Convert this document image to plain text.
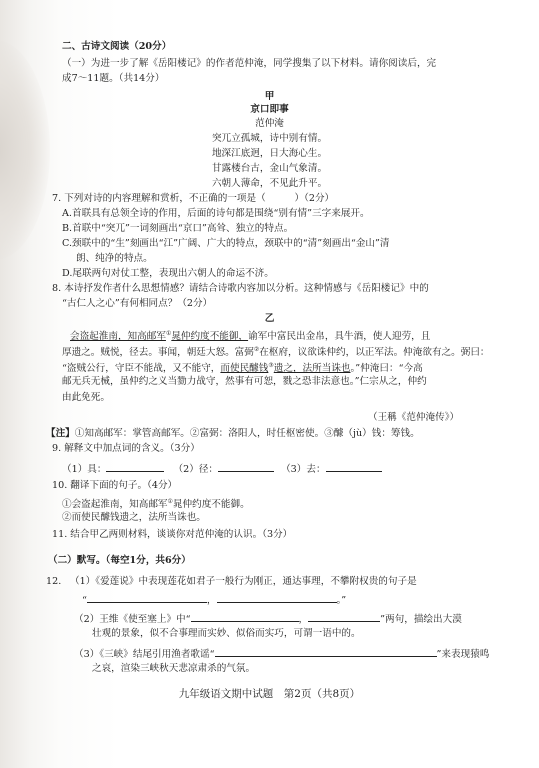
二、古诗文阅读（20分）
（一）为进一步了解《岳阳楼记》的作者范仲淹，同学搜集了以下材料。请你阅读后，完
成7～11题。（共14分）
甲
京口即事
范仲淹
突兀立孤城，诗中别有情。
地深江底迥，日大海心生。
甘露楼台古，金山气象清。
六朝人薄命，不见此升平。
7. 下列对诗的内容理解和赏析，不正确的一项是（　　　）（2分）
A.首联具有总领全诗的作用，后面的诗句都是围绕“别有情”三字来展开。
B.首联中“突兀”一词刻画出“京口”高耸、独立的特点。
C.颈联中的“生”刻画出“江”广阔、广大的特点，颈联中的“清”刻画出“金山”清
朗、纯净的特点。
D.尾联两句对仗工整，表现出六朝人的命运不济。
8. 本诗抒发作者什么思想情感？请结合诗歌内容加以分析。这种情感与《岳阳楼记》中的
“古仁人之心”有何相同点？（2分）
乙
会盗起淮南，知高邮军①晁仲约度不能御，谕军中富民出金帛，具牛酒，使人迎劳，且
厚遗之。贼悦，径去。事闻，朝廷大怒。富弼②在枢府，议欲诛仲约，以正军法。仲淹欲有之。弼曰：
“盗贼公行，守臣不能战，又不能守，而使民醵钱③遗之，法所当诛也。”仲淹曰：“今高
邮无兵无械，虽仲约之义当勠力战守，然事有可恕，戮之恐非法意也。”仁宗从之，仲约
由此免死。
（王稱《范仲淹传》）
【注】①知高邮军：掌管高邮军。②富弼：洛阳人，时任枢密使。③醵（jù）钱：筹钱。
9. 解释文中加点词的含义。（3分）
（1）具：	（2）径：	（3）去：
10. 翻译下面的句子。（4分）
①会盗起淮南，知高邮军①晁仲约度不能御。
②而使民醵钱遗之，法所当诛也。
11. 结合甲乙两则材料，谈谈你对范仲淹的认识。（3分）
（二）默写。（每空1分，共6分）
12. （1）《爱莲说》中表现莲花如君子一般行为刚正，通达事理，不攀附权贵的句子是
“	，	。”
（2）王维《使至塞上》中“	，	”两句，描绘出大漠
壮观的景象，似不合事理而实妙、似俗而实巧，可谓一语中的。
（3）《三峡》结尾引用渔者歌谣“	”来表现猿鸣
之哀，渲染三峡秋天悲凉肃杀的气氛。
九年级语文期中试题　第2页（共8页）
